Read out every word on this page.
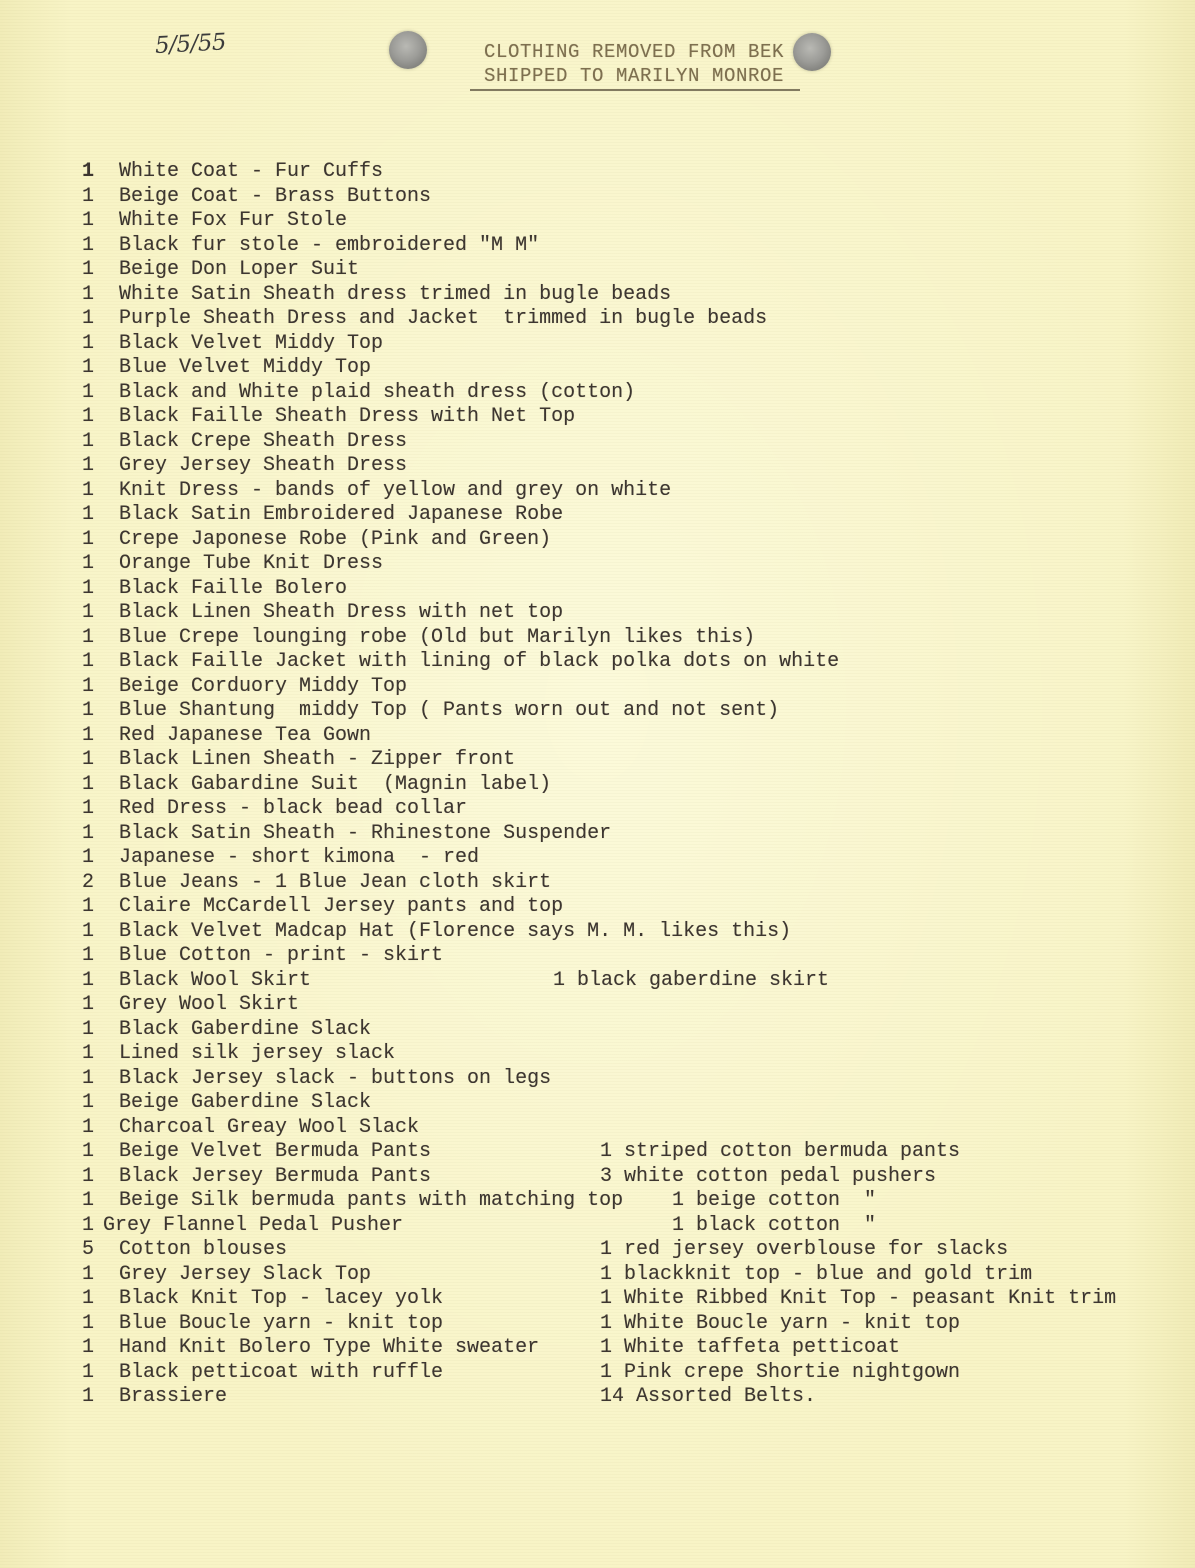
5/5/55	CLOTHING REMOVED FROM BEK
SHIPPED TO MARILYN MONROE
1 White Coat - Fur Cuffs
1 Beige Coat - Brass Buttons
1 White Fox Fur Stole
1 Black fur stole - embroidered "M M"
1 Beige Don Loper Suit
1 White Satin Sheath dress trimed in bugle beads
1 Purple Sheath Dress and Jacket  trimmed in bugle beads
1 Black Velvet Middy Top
1 Blue Velvet Middy Top
1 Black and White plaid sheath dress (cotton)
1 Black Faille Sheath Dress with Net Top
1 Black Crepe Sheath Dress
1 Grey Jersey Sheath Dress
1 Knit Dress - bands of yellow and grey on white
1 Black Satin Embroidered Japanese Robe
1 Crepe Japonese Robe (Pink and Green)
1 Orange Tube Knit Dress
1 Black Faille Bolero
1 Black Linen Sheath Dress with net top
1 Blue Crepe lounging robe (Old but Marilyn likes this)
1 Black Faille Jacket with lining of black polka dots on white
1 Beige Corduory Middy Top
1 Blue Shantung  middy Top ( Pants worn out and not sent)
1 Red Japanese Tea Gown
1 Black Linen Sheath - Zipper front
1 Black Gabardine Suit  (Magnin label)
1 Red Dress - black bead collar
1 Black Satin Sheath - Rhinestone Suspender
1 Japanese - short kimona  - red
2 Blue Jeans - 1 Blue Jean cloth skirt
1 Claire McCardell Jersey pants and top
1 Black Velvet Madcap Hat (Florence says M. M. likes this)
1 Blue Cotton - print - skirt
1 Black Wool Skirt	1 black gaberdine skirt
1 Grey Wool Skirt
1 Black Gaberdine Slack
1 Lined silk jersey slack
1 Black Jersey slack - buttons on legs
1 Beige Gaberdine Slack
1 Charcoal Greay Wool Slack
1 Beige Velvet Bermuda Pants	1 striped cotton bermuda pants
1 Black Jersey Bermuda Pants	3 white cotton pedal pushers
1 Beige Silk bermuda pants with matching top 1 beige cotton  "
1 Grey Flannel Pedal Pusher	1 black cotton  "
5 Cotton blouses	1 red jersey overblouse for slacks
1 Grey Jersey Slack Top	1 blackknit top - blue and gold trim
1 Black Knit Top - lacey yolk	1 White Ribbed Knit Top - peasant Knit trim
1 Blue Boucle yarn - knit top	1 White Boucle yarn - knit top
1 Hand Knit Bolero Type White sweater	1 White taffeta petticoat
1 Black petticoat with ruffle	1 Pink crepe Shortie nightgown
1 Brassiere	14 Assorted Belts.
